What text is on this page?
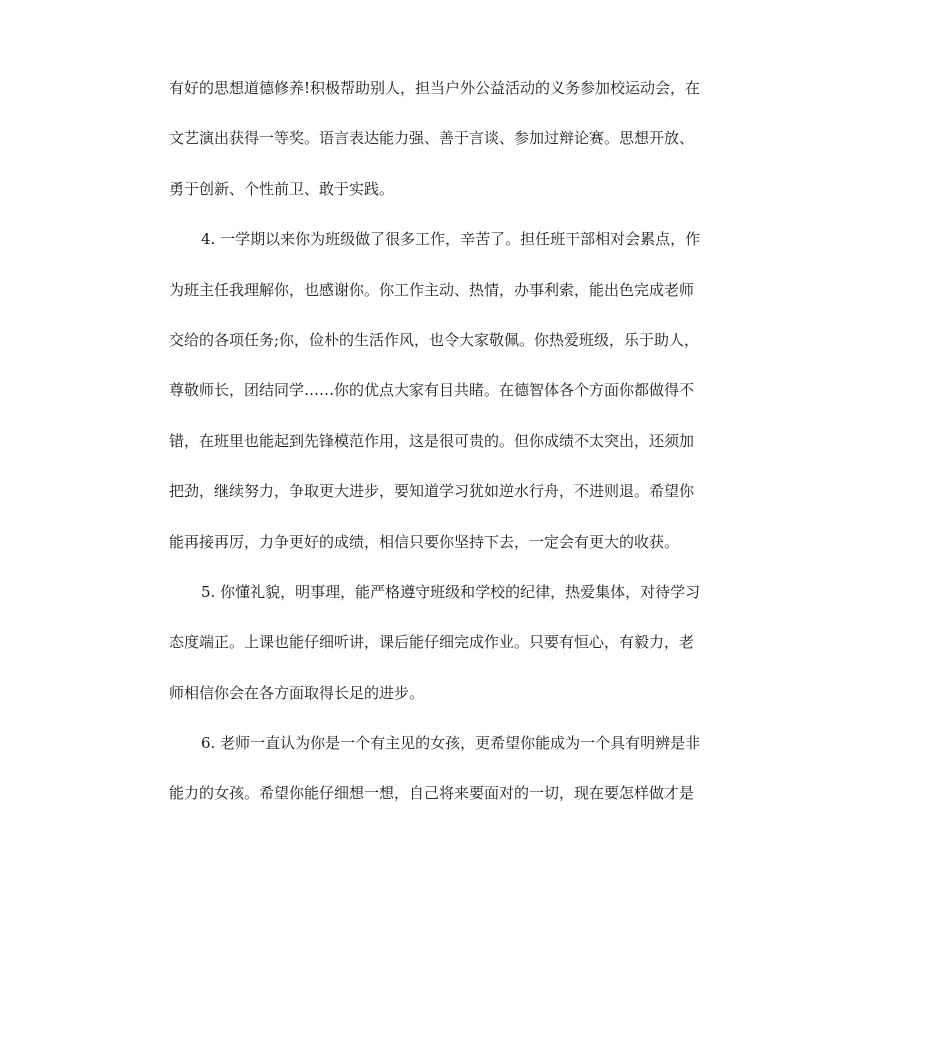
有好的思想道德修养!积极帮助别人，担当户外公益活动的义务参加校运动会，在
文艺演出获得一等奖。语言表达能力强、善于言谈、参加过辩论赛。思想开放、
勇于创新、个性前卫、敢于实践。
4. 一学期以来你为班级做了很多工作，辛苦了。担任班干部相对会累点，作
为班主任我理解你，也感谢你。你工作主动、热情，办事利索，能出色完成老师
交给的各项任务;你，俭朴的生活作风，也令大家敬佩。你热爱班级，乐于助人，
尊敬师长，团结同学……你的优点大家有目共睹。在德智体各个方面你都做得不
错，在班里也能起到先锋模范作用，这是很可贵的。但你成绩不太突出，还须加
把劲，继续努力，争取更大进步，要知道学习犹如逆水行舟，不进则退。希望你
能再接再厉，力争更好的成绩，相信只要你坚持下去，一定会有更大的收获。
5. 你懂礼貌，明事理，能严格遵守班级和学校的纪律，热爱集体，对待学习
态度端正。上课也能仔细听讲，课后能仔细完成作业。只要有恒心，有毅力，老
师相信你会在各方面取得长足的进步。
6. 老师一直认为你是一个有主见的女孩，更希望你能成为一个具有明辨是非
能力的女孩。希望你能仔细想一想，自己将来要面对的一切，现在要怎样做才是
